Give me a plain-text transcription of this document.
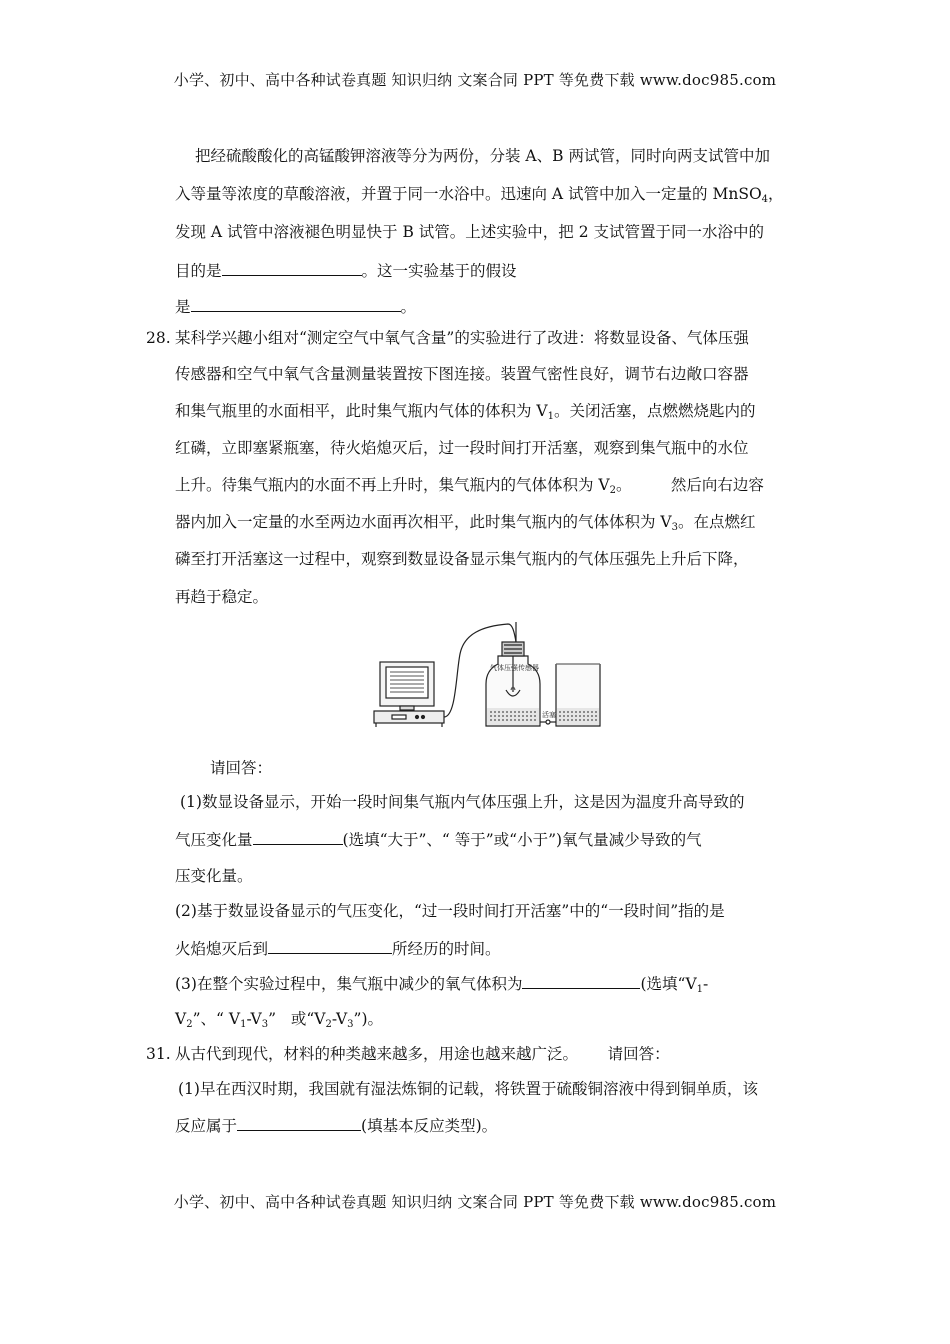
小学、初中、高中各种试卷真题 知识归纳 文案合同 PPT 等免费下载 www.doc985.com
把经硫酸酸化的高锰酸钾溶液等分为两份，分装 A、B 两试管，同时向两支试管中加
入等量等浓度的草酸溶液，并置于同一水浴中。迅速向 A 试管中加入一定量的 MnSO$_4$，
发现 A 试管中溶液褪色明显快于 B 试管。上述实验中，把 2 支试管置于同一水浴中的
目的是	。这一实验基于的假设
是	。
28. 某科学兴趣小组对“测定空气中氧气含量”的实验进行了改进：将数显设备、气体压强
传感器和空气中氧气含量测量装置按下图连接。装置气密性良好，调节右边敞口容器
和集气瓶里的水面相平，此时集气瓶内气体的体积为 $V_1$。关闭活塞，点燃燃烧匙内的
红磷，立即塞紧瓶塞，待火焰熄灭后，过一段时间打开活塞，观察到集气瓶中的水位
上升。待集气瓶内的水面不再上升时，集气瓶内的气体体积为 $V_2$。        然后向右边容
器内加入一定量的水至两边水面再次相平，此时集气瓶内的气体体积为 $V_3$。在点燃红
磷至打开活塞这一过程中，观察到数显设备显示集气瓶内的气体压强先上升后下降，
再趋于稳定。
气体压强传感器
活塞
请回答：
(1)数显设备显示，开始一段时间集气瓶内气体压强上升，这是因为温度升高导致的
气压变化量	(选填“大于”、“ 等于”或“小于”)氧气量减少导致的气
压变化量。
(2)基于数显设备显示的气压变化，“过一段时间打开活塞”中的“一段时间”指的是
火焰熄灭后到	所经历的时间。
(3)在整个实验过程中，集气瓶中减少的氧气体积为	(选填“$V_1-$
$V_2$”、“ $V_1-V_3$”   或“$V_2-V_3$”)。
31. 从古代到现代，材料的种类越来越多，用途也越来越广泛。      请回答：
(1)早在西汉时期，我国就有湿法炼铜的记载，将铁置于硫酸铜溶液中得到铜单质，该
反应属于	(填基本反应类型)。
小学、初中、高中各种试卷真题 知识归纳 文案合同 PPT 等免费下载 www.doc985.com
